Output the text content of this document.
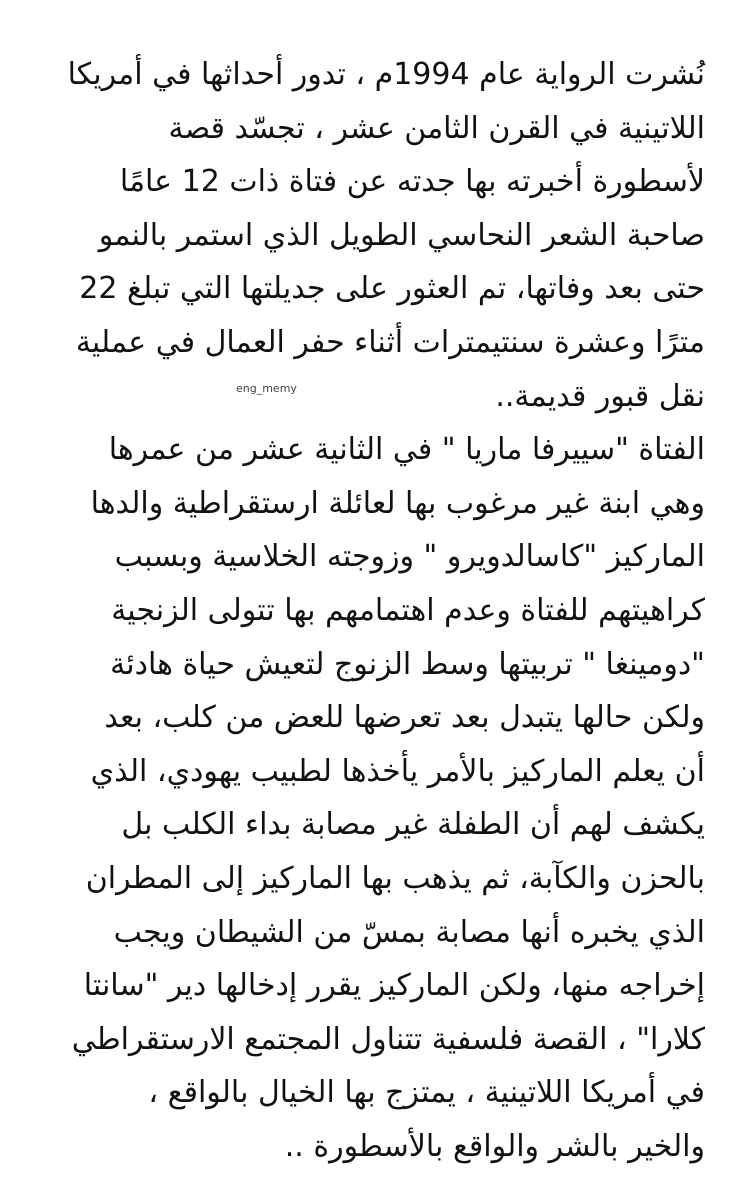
نُشرت الرواية عام 1994م ، تدور أحداثها في أمريكا
اللاتينية في القرن الثامن عشر ، تجسّد قصة
لأسطورة أخبرته بها جدته عن فتاة ذات 12 عامًا
صاحبة الشعر النحاسي الطويل الذي استمر بالنمو
حتى بعد وفاتها، تم العثور على جديلتها التي تبلغ 22
مترًا وعشرة سنتيمترات أثناء حفر العمال في عملية
نقل قبور قديمة..
الفتاة "سييرفا ماريا " في الثانية عشر من عمرها
وهي ابنة غير مرغوب بها لعائلة ارستقراطية والدها
الماركيز "كاسالدويرو " وزوجته الخلاسية وبسبب
كراهيتهم للفتاة وعدم اهتمامهم بها تتولى الزنجية
"دومينغا " تربيتها وسط الزنوج لتعيش حياة هادئة
ولكن حالها يتبدل بعد تعرضها للعض من كلب، بعد
أن يعلم الماركيز بالأمر يأخذها لطبيب يهودي، الذي
يكشف لهم أن الطفلة غير مصابة بداء الكلب بل
بالحزن والكآبة، ثم يذهب بها الماركيز إلى المطران
الذي يخبره أنها مصابة بمسّ من الشيطان ويجب
إخراجه منها، ولكن الماركيز يقرر إدخالها دير "سانتا
كلارا" ، القصة فلسفية تتناول المجتمع الارستقراطي
في أمريكا اللاتينية ، يمتزج بها الخيال بالواقع ،
والخير بالشر والواقع بالأسطورة ..
eng_memy
